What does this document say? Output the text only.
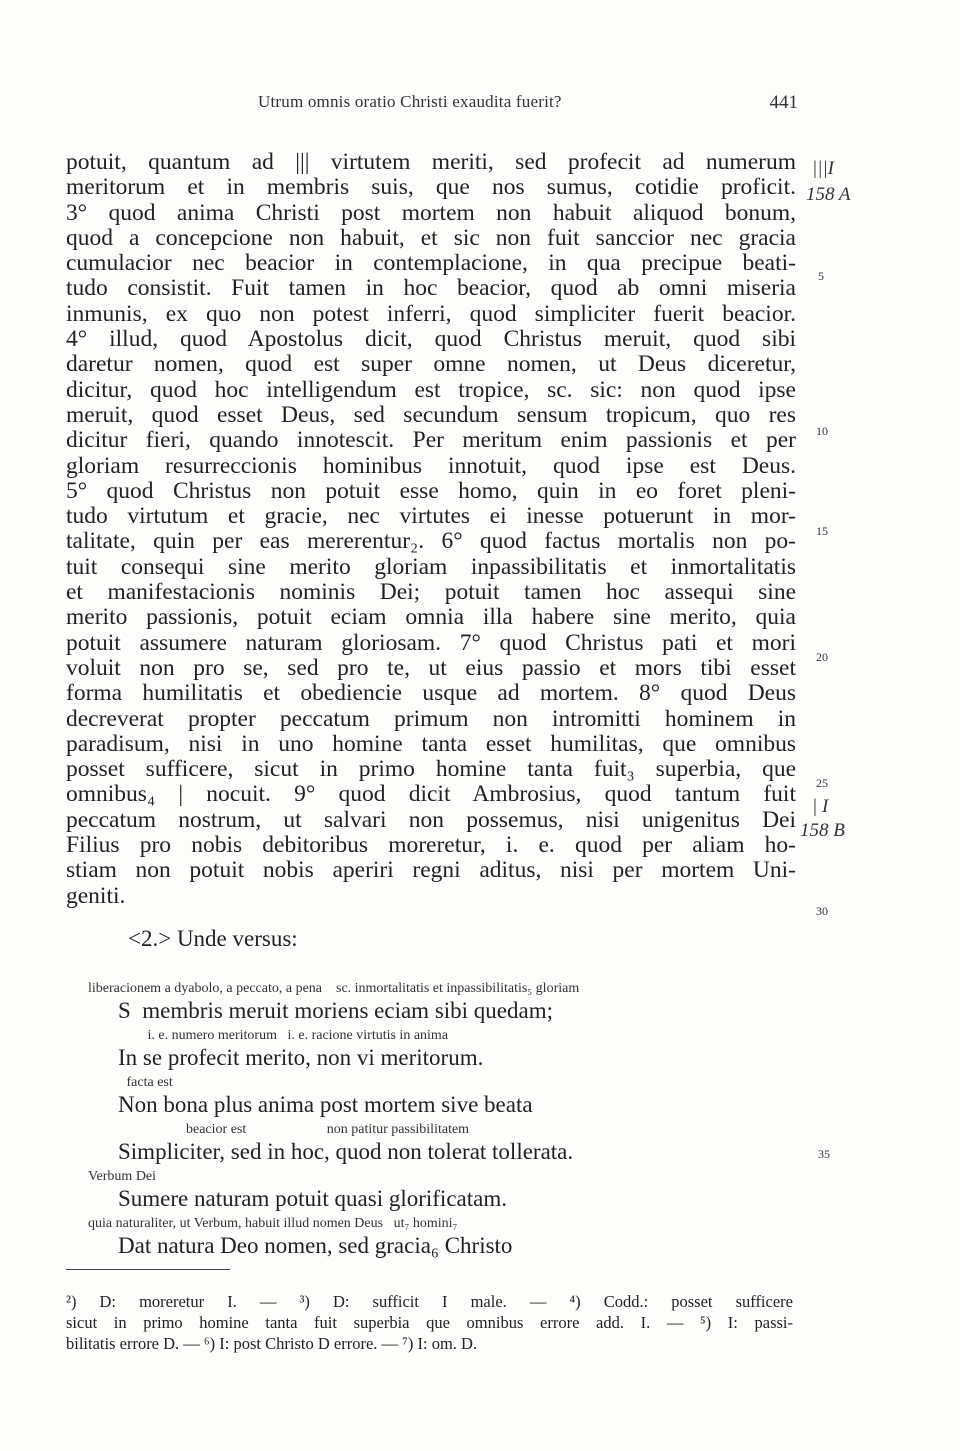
Utrum omnis oratio Christi exaudita fuerit?	441
potuit, quantum ad ||| virtutem meriti, sed profecit ad numerum
meritorum et in membris suis, que nos sumus, cotidie proficit.
3° quod anima Christi post mortem non habuit aliquod bonum,
quod a concepcione non habuit, et sic non fuit sanccior nec gracia
cumulacior nec beacior in contemplacione, in qua precipue beati-
tudo consistit. Fuit tamen in hoc beacior, quod ab omni miseria
inmunis, ex quo non potest inferri, quod simpliciter fuerit beacior.
4° illud, quod Apostolus dicit, quod Christus meruit, quod sibi
daretur nomen, quod est super omne nomen, ut Deus diceretur,
dicitur, quod hoc intelligendum est tropice, sc. sic: non quod ipse
meruit, quod esset Deus, sed secundum sensum tropicum, quo res
dicitur fieri, quando innotescit. Per meritum enim passionis et per
gloriam resurreccionis hominibus innotuit, quod ipse est Deus.
5° quod Christus non potuit esse homo, quin in eo foret pleni-
tudo virtutum et gracie, nec virtutes ei inesse potuerunt in mor-
talitate, quin per eas mererentur₂. 6° quod factus mortalis non po-
tuit consequi sine merito gloriam inpassibilitatis et inmortalitatis
et manifestacionis nominis Dei; potuit tamen hoc assequi sine
merito passionis, potuit eciam omnia illa habere sine merito, quia
potuit assumere naturam gloriosam. 7° quod Christus pati et mori
voluit non pro se, sed pro te, ut eius passio et mors tibi esset
forma humilitatis et obediencie usque ad mortem. 8° quod Deus
decreverat propter peccatum primum non intromitti hominem in
paradisum, nisi in uno homine tanta esset humilitas, que omnibus
posset sufficere, sicut in primo homine tanta fuit₃ superbia, que
omnibus₄ | nocuit. 9° quod dicit Ambrosius, quod tantum fuit
peccatum nostrum, ut salvari non possemus, nisi unigenitus Dei
Filius pro nobis debitoribus moreretur, i. e. quod per aliam ho-
stiam non potuit nobis aperiri regni aditus, nisi per mortem Uni-
geniti.
|||I
158 A
| I
158 B
5
10
15
20
25
30
35
<2.> Unde versus:
liberacionem a dyabolo, a peccato, a pena    sc. inmortalitatis et inpassibilitatis₅ gloriam
S  membris meruit moriens eciam sibi quedam;
i. e. numero meritorum   i. e. racione virtutis in anima
In se profecit merito, non vi meritorum.
facta est
Non bona plus anima post mortem sive beata
beacior est                       non patitur passibilitatem
Simpliciter, sed in hoc, quod non tolerat tollerata.
Verbum Dei
Sumere naturam potuit quasi glorificatam.
quia naturaliter, ut Verbum, habuit illud nomen Deus   ut₇ homini₇
Dat natura Deo nomen, sed gracia₆ Christo
²) D: moreretur I. — ³) D: sufficit I male. — ⁴) Codd.: posset sufficere
sicut in primo homine tanta fuit superbia que omnibus errore add. I. — ⁵) I: passi-
bilitatis errore D. — ⁶) I: post Christo D errore. — ⁷) I: om. D.
